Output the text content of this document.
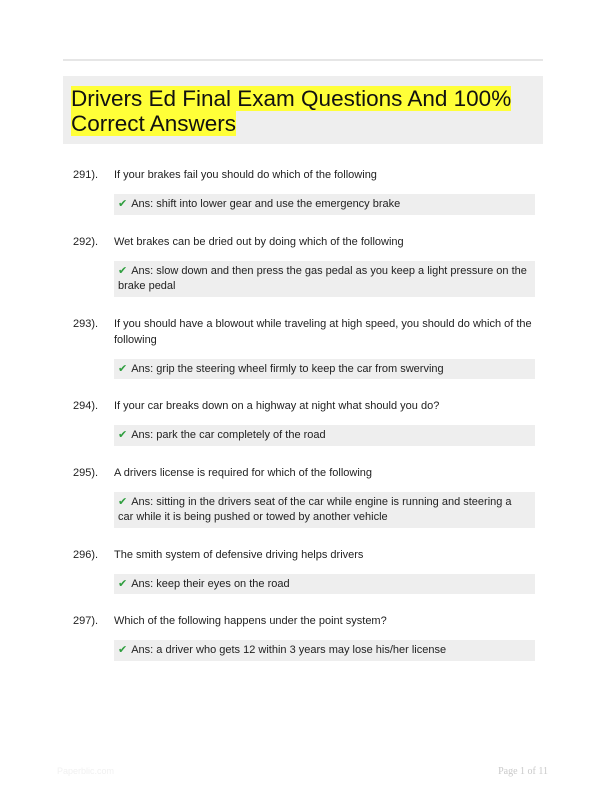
Drivers Ed Final Exam Questions And 100% Correct Answers
291).	If your brakes fail you should do which of the following
✔ Ans: shift into lower gear and use the emergency brake
292).	Wet brakes can be dried out by doing which of the following
✔ Ans: slow down and then press the gas pedal as you keep a light pressure on the brake pedal
293).	If you should have a blowout while traveling at high speed, you should do which of the following
✔ Ans: grip the steering wheel firmly to keep the car from swerving
294).	If your car breaks down on a highway at night what should you do?
✔ Ans: park the car completely of the road
295).	A drivers license is required for which of the following
✔ Ans: sitting in the drivers seat of the car while engine is running and steering a car while it is being pushed or towed by another vehicle
296).	The smith system of defensive driving helps drivers
✔ Ans: keep their eyes on the road
297).	Which of the following happens under the point system?
✔ Ans: a driver who gets 12 within 3 years may lose his/her license
Paperblic.com	Page 1 of 11
